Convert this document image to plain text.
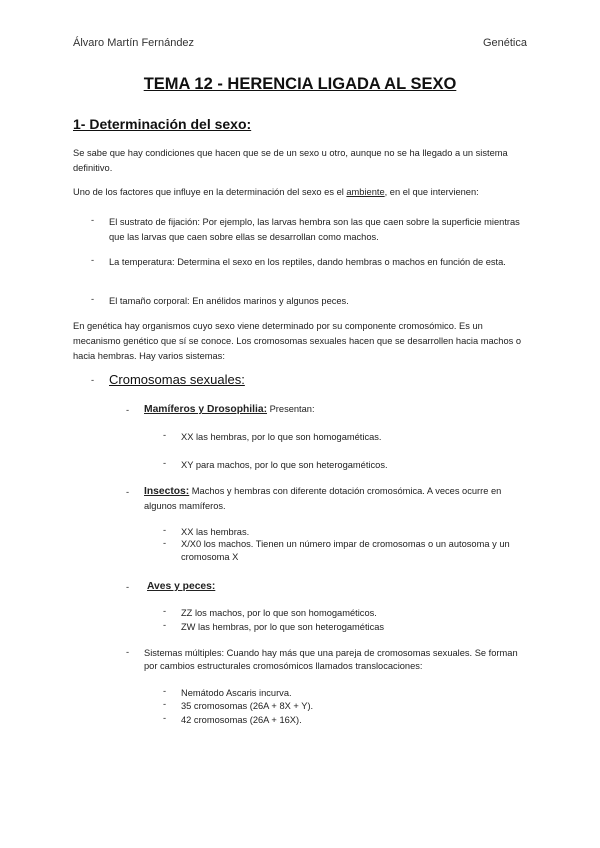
Álvaro Martín Fernández	Genética
TEMA 12 - HERENCIA LIGADA AL SEXO
1- Determinación del sexo:
Se sabe que hay condiciones que hacen que se de un sexo u otro, aunque no se ha llegado a un sistema definitivo.
Uno de los factores que influye en la determinación del sexo es el ambiente, en el que intervienen:
- El sustrato de fijación: Por ejemplo, las larvas hembra son las que caen sobre la superficie mientras que las larvas que caen sobre ellas se desarrollan como machos.
- La temperatura: Determina el sexo en los reptiles, dando hembras o machos en función de esta.
- El tamaño corporal: En anélidos marinos y algunos peces.
En genética hay organismos cuyo sexo viene determinado por su componente cromosómico. Es un mecanismo genético que sí se conoce. Los cromosomas sexuales hacen que se desarrollen hacia machos o hacia hembras. Hay varios sistemas:
- Cromosomas sexuales:
- Mamíferos y Drosophilia: Presentan:
- XX las hembras, por lo que son homogaméticas.
- XY para machos, por lo que son heterogaméticos.
- Insectos: Machos y hembras con diferente dotación cromosómica. A veces ocurre en algunos mamíferos.
- XX las hembras.
- X/X0 los machos. Tienen un número impar de cromosomas o un autosoma y un cromosoma X
- Aves y peces:
- ZZ los machos, por lo que son homogaméticos.
- ZW las hembras, por lo que son heterogaméticas
- Sistemas múltiples: Cuando hay más que una pareja de cromosomas sexuales. Se forman por cambios estructurales cromosómicos llamados translocaciones:
- Nemátodo Ascaris incurva.
- 35 cromosomas (26A + 8X + Y).
- 42 cromosomas (26A + 16X).
